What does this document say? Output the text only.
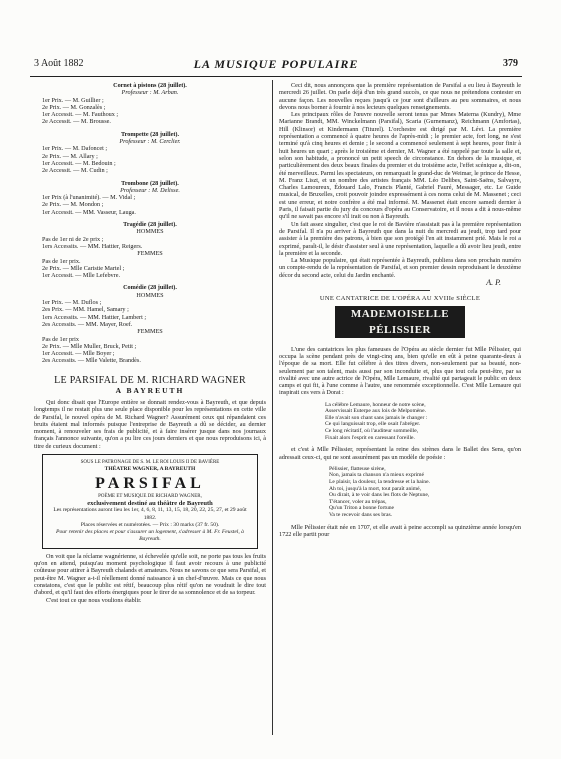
3 Août 1882	LA MUSIQUE POPULAIRE	379
Cornet à pistons (28 juillet).
Professeur : M. Arban.
1er Prix. — M. Guillier ;
2e Prix. — M. Gonzalès ;
1er Accessit. — M. Fauthoux ;
2e Accessit. — M. Brousse.
Trompette (28 juillet).
Professeur : M. Cerclier.
1er Prix. — M. Dafoncet ;
2e Prix. — M. Allary ;
1er Accessit. — M. Bedouin ;
2e Accessit. — M. Cudin ;
Trombone (28 juillet).
Professeur : M. Delisse.
1er Prix (à l'unanimité). — M. Vidal ;
2e Prix. — M. Mondon ;
1er Accessit. — MM. Vasseur, Lauga.
Tragédie (28 juillet).
HOMMES
Pas de 1er ni de 2e prix ;
1ers Accessits. — MM. Hattier, Reigers.
FEMMES
Pas de 1er prix.
2e Prix. — Mlle Caristie Martel ;
1er Accessit. — Mlle Lefebvre.
Comédie (28 juillet).
HOMMES
1er Prix. — M. Duflos ;
2es Prix. — MM. Hamel, Samary ;
1ers Accessits. — MM. Hattier, Lambert ;
2es Accessits. — MM. Mayer, Roef.
FEMMES
Pas de 1er prix
2e Prix. — Mlle Muller, Bruck, Petit ;
1er Accessit. — Mlle Boyer ;
2es Accessits. — Mlle Valette, Brandès.
LE PARSIFAL DE M. RICHARD WAGNER
A BAYREUTH

Qui donc disait que l'Europe entière se donnait rendez-vous à Bayreuth, et que depuis longtemps il ne restait plus une seule place disponible pour les représentations en cette ville de Parsifal, le nouvel opéra de M. Richard Wagner? Assurément ceux qui répandaient ces bruits étaient mal informés puisque l'entreprise de Bayreuth a dû se décider, au dernier moment, à renouveler ses frais de publicité, et à faire insérer jusque dans nos journaux français l'annonce suivante, qu'on a pu lire ces jours derniers et que nous reproduisons ici, à titre de curieux document :

SOUS LE PATRONAGE DE S. M. LE ROI LOUIS II DE BAVIÈRE
THÉATRE WAGNER, A BAYREUTH
PARSIFAL
POÈME ET MUSIQUE DE RICHARD WAGNER,
exclusivement destiné au théâtre de Bayreuth
Les représentations auront lieu les 1er, 4, 6, 8, 11, 13, 15, 18, 20, 22, 25, 27, et 29 août 1882.
Places réservées et numérotées. — Prix : 30 marks (37 fr. 50).
Pour retenir des places et pour s'assurer un logement, s'adresser à M. Fr. Feustel, à Bayreuth.

On voit que la réclame wagnérienne, si échevelée qu'elle soit, ne porte pas tous les fruits qu'on en attend, puisqu'au moment psychologique il faut avoir recours à une publicité coûteuse pour attirer à Bayreuth chalands et amateurs. Nous ne savons ce que sera Parsifal, et peut-être M. Wagner a-t-il réellement donné naissance à un chef-d'œuvre. Mais ce que nous constatons, c'est que le public est rétif, beaucoup plus rétif qu'on ne voudrait le dire tout d'abord, et qu'il faut des efforts énergiques pour le tirer de sa somnolence et de sa torpeur.

C'est tout ce que nous voulions établir.

Ceci dit, nous annonçons que la première représentation de Parsifal a eu lieu à Bayreuth le mercredi 26 juillet. On parle déjà d'un très grand succès, ce que nous ne prétendons contester en aucune façon. Les nouvelles reçues jusqu'à ce jour sont d'ailleurs au peu sommaires, et nous devons nous borner à fournir à nos lecteurs quelques renseignements.

Les principaux rôles de l'œuvre nouvelle seront tenus par Mmes Materna (Kundry), Mme Marianne Brandt, MM. Winckelmann (Parsifal), Scaria (Gurnemanz), Reichmann (Amfortas), Hill (Klinsor) et Kindermann (Titurel). L'orchestre est dirigé par M. Lévi. La première représentation a commencé à quatre heures de l'après-midi ; le premier acte, fort long, ne s'est terminé qu'à cinq heures et demie ; le second a commencé seulement à sept heures, pour finir à huit heures un quart ; après le troisième et dernier, M. Wagner a été rappelé par toute la salle et, selon son habitude, a prononcé un petit speech de circonstance. En dehors de la musique, et particulièrement des deux beaux finales du premier et du troisième acte, l'effet scénique a, dit-on, été merveilleux. Parmi les spectateurs, on remarquait le grand-duc de Weimar, le prince de Hesse, M. Franz Liszt, et un nombre des artistes français MM. Léo Delibes, Saint-Saëns, Salvayre, Charles Lamoureux, Édouard Lalo, Francis Planté, Gabriel Fauré, Messager, etc. Le Guide musical, de Bruxelles, croit pouvoir joindre expressément à ces noms celui de M. Massenet ; ceci est une erreur, et notre confrère a été mal informé. M. Massenet était encore samedi dernier à Paris, il faisait partie du jury du concours d'opéra au Conservatoire, et il nous a dit à nous-même qu'il ne savait pas encore s'il irait ou non à Bayreuth.

Un fait assez singulier, c'est que le roi de Bavière n'assistait pas à la première représentation de Parsifal. Il n'a pu arriver à Bayreuth que dans la nuit du mercredi au jeudi, trop tard pour assister à la première des patrons, à bien que son protégé l'en ait instamment prié. Mais le roi a exprimé, paraît-il, le désir d'assister seul à une représentation, laquelle a dû avoir lieu jeudi, entre la première et la seconde.

La Musique populaire, qui était représentée à Bayreuth, publiera dans son prochain numéro un compte-rendu de la représentation de Parsifal, et son premier dessin reproduisant le deuxième décor du second acte, celui du Jardin enchanté.

A. P.
UNE CANTATRICE DE L'OPÉRA AU XVIIIe SIÈCLE
MADEMOISELLE PÉLISSIER

L'une des cantatrices les plus fameuses de l'Opéra au siècle dernier fut Mlle Pélissier, qui occupa la scène pendant près de vingt-cinq ans, bien qu'elle en eût à peine quarante-deux à l'époque de sa mort. Elle fut célèbre à des titres divers, non-seulement par sa beauté, non-seulement par son talent, mais aussi par son inconduite et, plus que tout cela peut-être, par sa rivalité avec une autre actrice de l'Opéra, Mlle Lemaure, rivalité qui partageait le public en deux camps et qui fit, à l'une comme à l'autre, une renommée exceptionnelle. C'est Mlle Lemaure qui inspirait ces vers à Dorat :

La célèbre Lemaure, honneur de notre scène,
Asservissait Euterpe aux lois de Melpomène.
Elle n'avait son chant sans jamais le changer :
Ce qui languissait trop, elle osait l'abréger.
Ce long récitatif, où l'auditeur sommeille,
Fixait alors l'esprit en caressant l'oreille.

et c'est à Mlle Pélissier, représentant la reine des sirènes dans le Ballet des Sens, qu'on adressait ceux-ci, qui ne sont assurément pas un modèle de poésie :

Pélissier, flatteuse sirène,
Non, jamais ta chanson n'a mieux exprimé
Le plaisir, la douleur, la tendresse et la haine.
Ah toi, jusqu'à la mort, tout paraît animé,
Ou dirait, à te voir dans les flots de Neptune,
T'étancer, voler au trépas,
Qu'un Triton a bonne fortune
Va te recevoir dans ses bras.

Mlle Pélissier était née en 1707, et elle avait à peine accompli sa quinzième année lorsqu'en 1722 elle partit pour
